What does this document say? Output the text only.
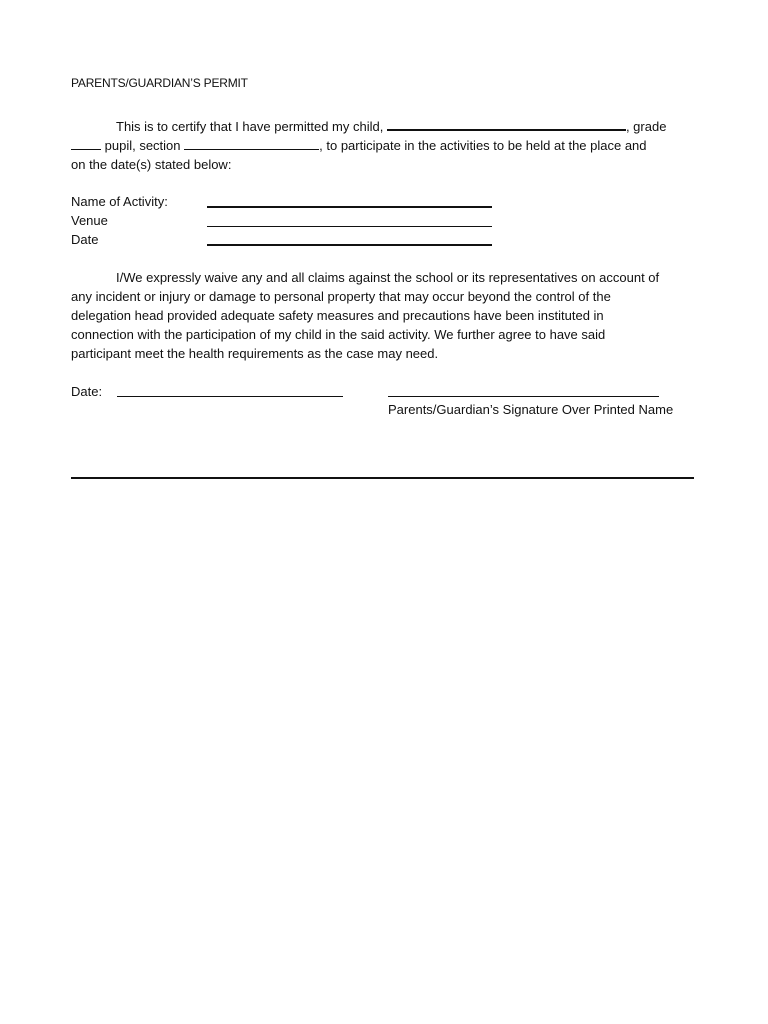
PARENTS/GUARDIAN’S PERMIT
This is to certify that I have permitted my child,	, grade
pupil, section	, to participate in the activities to be held at the place and
on the date(s) stated below:
Name of Activity:
Venue
Date
I/We expressly waive any and all claims against the school or its representatives on account of
any incident or injury or damage to personal property that may occur beyond the control of the
delegation head provided adequate safety measures and precautions have been instituted in
connection with the participation of my child in the said activity. We further agree to have said
participant meet the health requirements as the case may need.
Date:
Parents/Guardian’s Signature Over Printed Name
